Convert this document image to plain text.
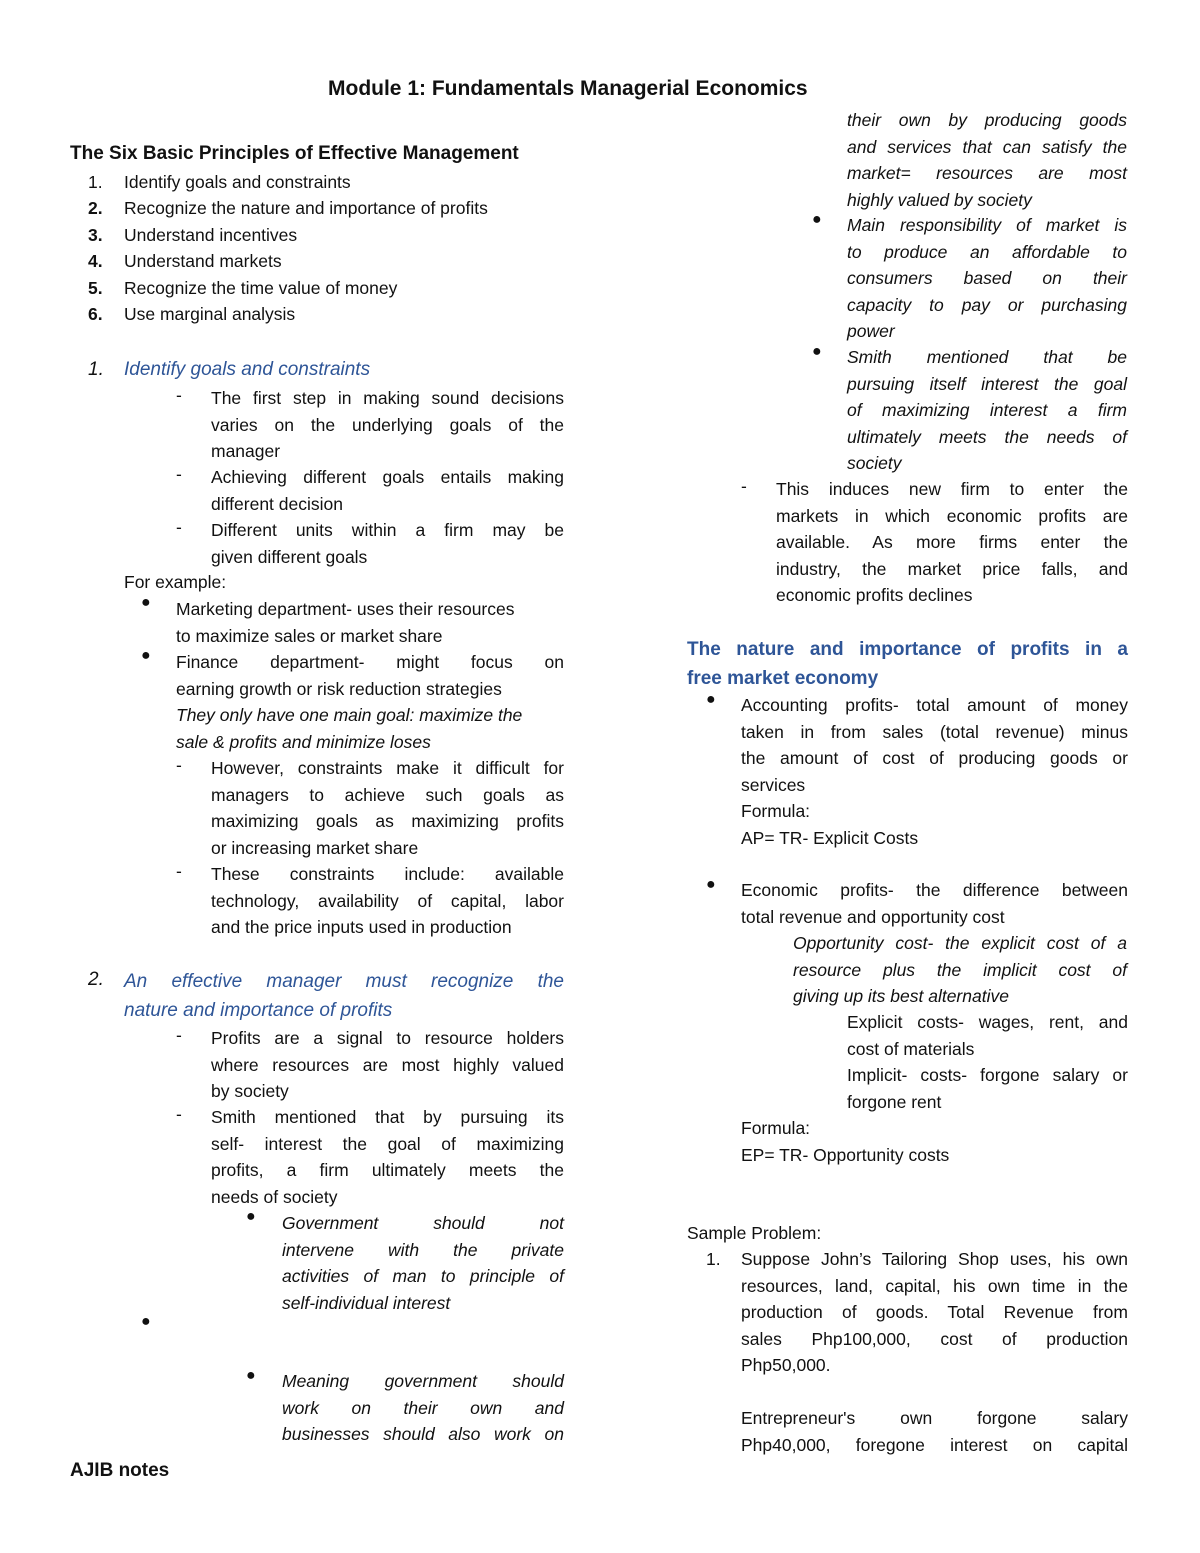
Module 1: Fundamentals Managerial Economics
The Six Basic Principles of Effective Management
1. Identify goals and constraints
2. Recognize the nature and importance of profits
3. Understand incentives
4. Understand markets
5. Recognize the time value of money
6. Use marginal analysis
1. Identify goals and constraints
- The first step in making sound decisions
varies on the underlying goals of the
manager
- Achieving different goals entails making
different decision
- Different units within a firm may be
given different goals
For example:
● Marketing department- uses their resources
to maximize sales or market share
● Finance department- might focus on
earning growth or risk reduction strategies
They only have one main goal: maximize the
sale & profits and minimize loses
- However, constraints make it difficult for
managers to achieve such goals as
maximizing goals as maximizing profits
or increasing market share
- These constraints include: available
technology, availability of capital, labor
and the price inputs used in production
2. An effective manager must recognize the
nature and importance of profits
- Profits are a signal to resource holders
where resources are most highly valued
by society
- Smith mentioned that by pursuing its
self- interest the goal of maximizing
profits, a firm ultimately meets the
needs of society
● Government should not
intervene with the private
activities of man to principle of
self-individual interest
●
● Meaning government should
work on their own and
businesses should also work on
AJIB notes
their own by producing goods
and services that can satisfy the
market= resources are most
highly valued by society
● Main responsibility of market is
to produce an affordable to
consumers based on their
capacity to pay or purchasing
power
● Smith mentioned that be
pursuing itself interest the goal
of maximizing interest a firm
ultimately meets the needs of
society
- This induces new firm to enter the
markets in which economic profits are
available. As more firms enter the
industry, the market price falls, and
economic profits declines
The nature and importance of profits in a
free market economy
● Accounting profits- total amount of money
taken in from sales (total revenue) minus
the amount of cost of producing goods or
services
Formula:
AP= TR- Explicit Costs
● Economic profits- the difference between
total revenue and opportunity cost
Opportunity cost- the explicit cost of a
resource plus the implicit cost of
giving up its best alternative
Explicit costs- wages, rent, and
cost of materials
Implicit- costs- forgone salary or
forgone rent
Formula:
EP= TR- Opportunity costs
Sample Problem:
1. Suppose John’s Tailoring Shop uses, his own
resources, land, capital, his own time in the
production of goods. Total Revenue from
sales Php100,000, cost of production
Php50,000.
Entrepreneur's own forgone salary
Php40,000, foregone interest on capital
